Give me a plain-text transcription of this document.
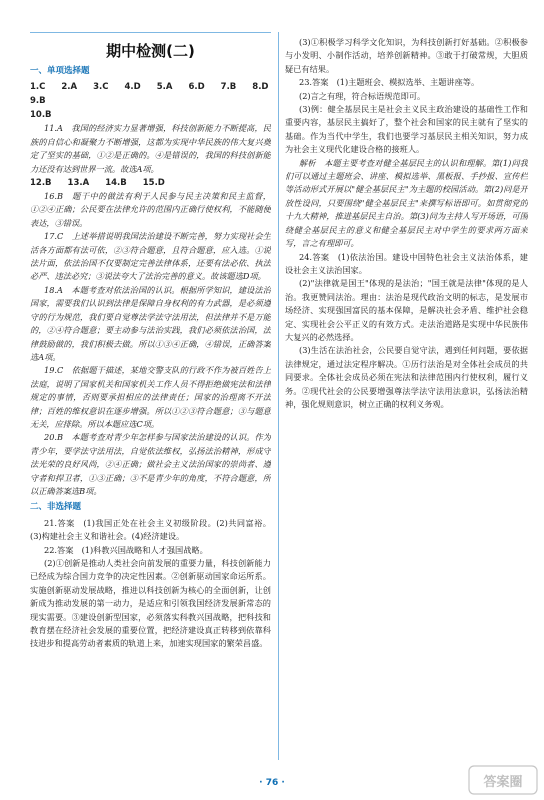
期中检测(二)
一、单项选择题
1.C 2.A 3.C 4.D 5.A 6.D 7.B 8.D
9.B
10.B

11.A　我国的经济实力显著增强，科技创新能力不断提高，民族的自信心和凝聚力不断增强，这都为实现中华民族的伟大复兴奠定了坚实的基础，①②是正确的。④是错误的，我国的科技创新能力还没有达到世界一流。故选A项。

12.B 13.A 14.B 15.D

16.B　题干中的做法有利于人民参与民主决策和民主监督，①②④正确；公民要在法律允许的范围内正确行使权利，不能随便表达，③错误。

17.C　上述举措说明我国法治建设不断完善，努力实现社会生活各方面都有法可依，②③符合题意，且符合题意，应入选。①说法片面，依法治国不仅要制定完善法律体系，还要有法必依、执法必严、违法必究；③说法夸大了法治完善的意义。故该题选D项。

18.A　本题考查对依法治国的认识。根据所学知识，建设法治国家，需要我们认识到法律是保障自身权利的有力武器，是必须遵守的行为规范，我们要自觉尊法学法守法用法，但法律并不是万能的，②④符合题意；要主动参与法治实践，我们必须依法治国，法律鼓励做的，我们积极去做。所以①③④正确，④错误，正确答案选A项。

19.C　依据题干描述，某地交警支队的行政不作为被百姓告上法庭，说明了国家机关和国家机关工作人员不得拒绝做宪法和法律规定的事情，否则要承担相应的法律责任；国家的治理离不开法律；百姓的维权意识在逐步增强。所以①②③符合题意；③与题意无关，应排除。所以本题应选C项。

20.B　本题考查对青少年怎样参与国家法治建设的认识。作为青少年，要学法守法用法，自觉依法维权，弘扬法治精神，形成守法光荣的良好风尚，②④正确；做社会主义法治国家的崇尚者、遵守者和捍卫者，①③正确；③不是青少年的角度，不符合题意，所以正确答案选B项。

二、非选择题

21.答案　(1)我国正处在社会主义初级阶段。(2)共同富裕。(3)构建社会主义和谐社会。(4)经济建设。

22.答案　(1)科教兴国战略和人才强国战略。

(2)①创新是推动人类社会向前发展的重要力量，科技创新能力已经成为综合国力竞争的决定性因素。②创新驱动国家命运所系。实施创新驱动发展战略，推进以科技创新为核心的全面创新，让创新成为推动发展的第一动力，是适应和引领我国经济发展新常态的现实需要。③建设创新型国家，必须落实科教兴国战略，把科技和教育摆在经济社会发展的重要位置，把经济建设真正转移到依靠科技进步和提高劳动者素质的轨道上来，加速实现国家的繁荣昌盛。

(3)①积极学习科学文化知识，为科技创新打好基础。②积极参与小发明、小制作活动，培养创新精神。③敢于打破常规，大胆质疑已有结果。

23.答案　(1)主题班会、模拟选举、主题讲座等。

(2)言之有理，符合标语规范即可。

(3)例：健全基层民主是社会主义民主政治建设的基础性工作和重要内容，基层民主搞好了，整个社会和国家的民主就有了坚实的基础。作为当代中学生，我们也要学习基层民主相关知识，努力成为社会主义现代化建设合格的接班人。

解析　本题主要考查对健全基层民主的认识和理解。第(1)问我们可以通过主题班会、讲座、模拟选举、黑板报、手抄报、宣传栏等活动形式开展以"健全基层民主"为主题的校园活动。第(2)问是开放性设问，只要围绕"健全基层民主"来撰写标语即可。如贯彻党的十九大精神，推进基层民主自治。第(3)问为主持人写开场语，可围绕健全基层民主的意义和健全基层民主对中学生的要求两方面来写，言之有理即可。

24.答案　(1)依法治国。建设中国特色社会主义法治体系，建设社会主义法治国家。

(2)"法律就是国王"体现的是法治；"国王就是法律"体现的是人治。我更赞同法治。理由：法治是现代政治文明的标志，是发展市场经济、实现强国富民的基本保障，是解决社会矛盾、维护社会稳定、实现社会公平正义的有效方式。走法治道路是实现中华民族伟大复兴的必然选择。

(3)生活在法治社会，公民要自觉守法，遇到任何问题，要依据法律规定，通过法定程序解决。①历行法治是对全体社会成员的共同要求。全体社会成员必须在宪法和法律范围内行使权利，履行义务。②现代社会的公民要增强尊法学法守法用法意识，弘扬法治精神，强化规则意识，树立正确的权利义务观。

· 76 ·	答案圈
